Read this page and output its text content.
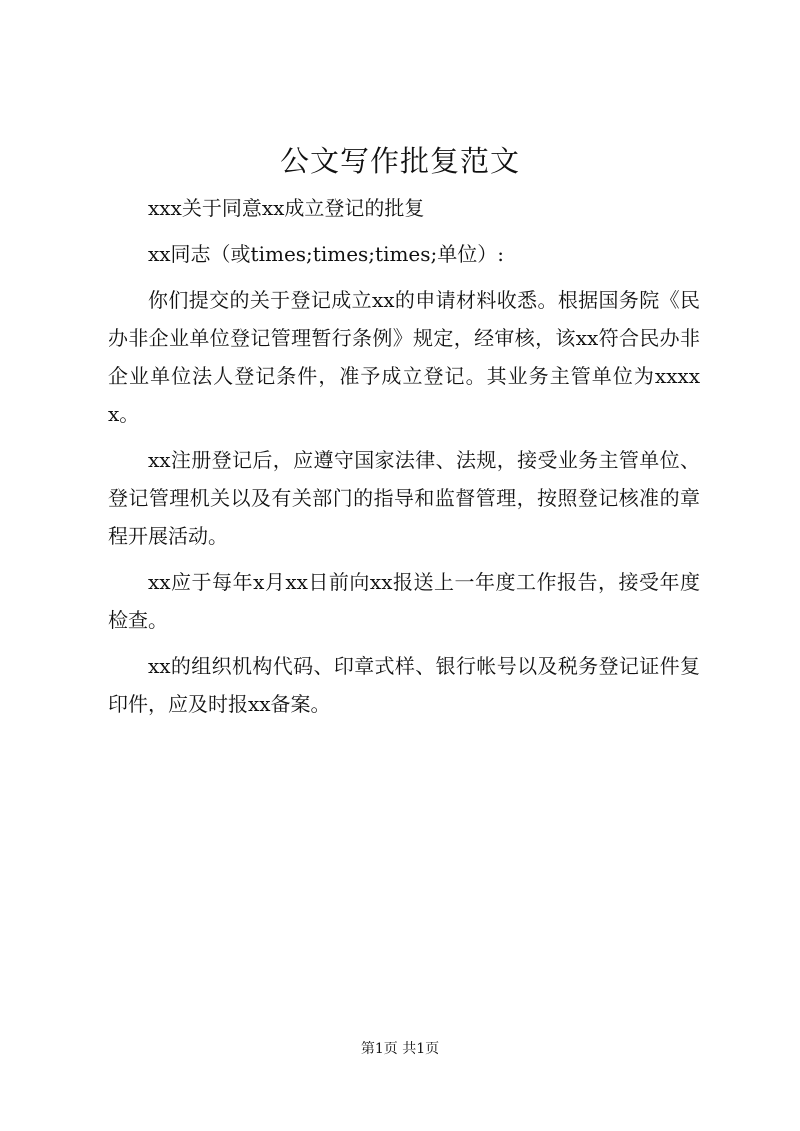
公文写作批复范文

xxx关于同意xx成立登记的批复

xx同志（或times;times;times;单位）:

你们提交的关于登记成立xx的申请材料收悉。根据国务院《民办非企业单位登记管理暂行条例》规定，经审核，该xx符合民办非企业单位法人登记条件，准予成立登记。其业务主管单位为xxxxx。

xx注册登记后，应遵守国家法律、法规，接受业务主管单位、登记管理机关以及有关部门的指导和监督管理，按照登记核准的章程开展活动。

xx应于每年x月xx日前向xx报送上一年度工作报告，接受年度检查。

xx的组织机构代码、印章式样、银行帐号以及税务登记证件复印件，应及时报xx备案。

第1页 共1页
